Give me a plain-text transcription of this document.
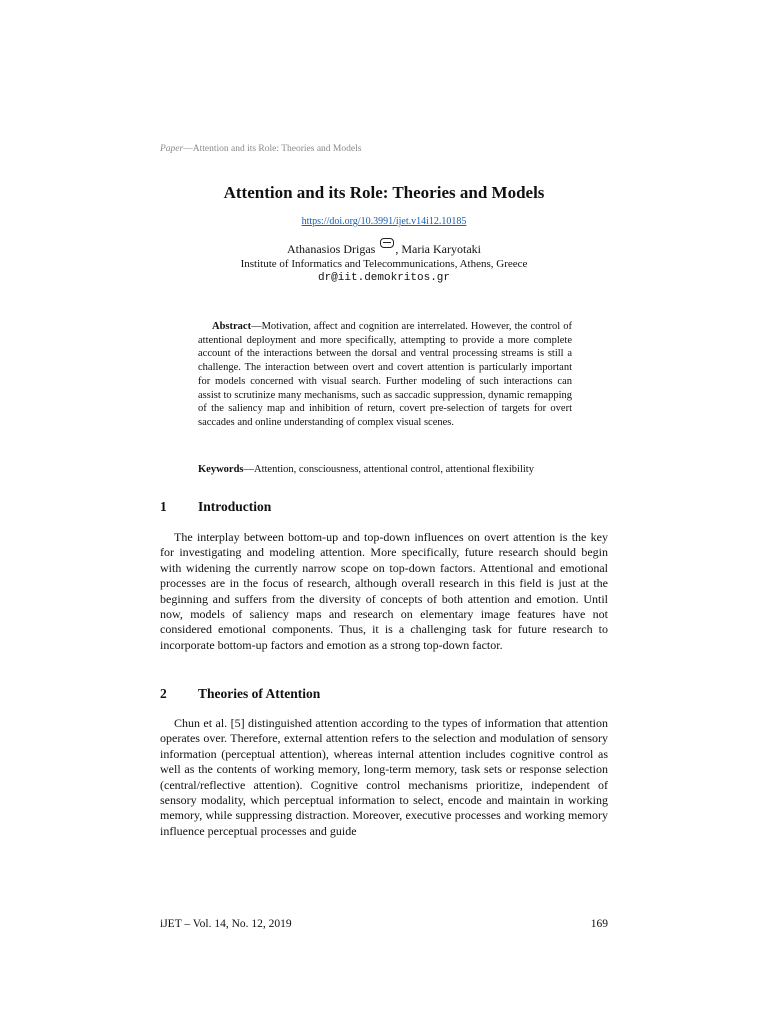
Paper—Attention and its Role: Theories and Models
Attention and its Role: Theories and Models
https://doi.org/10.3991/ijet.v14i12.10185
Athanasios Drigas , Maria Karyotaki
Institute of Informatics and Telecommunications, Athens, Greece
dr@iit.demokritos.gr

Abstract—Motivation, affect and cognition are interrelated. However, the control of attentional deployment and more specifically, attempting to provide a more complete account of the interactions between the dorsal and ventral processing streams is still a challenge. The interaction between overt and covert attention is particularly important for models concerned with visual search. Further modeling of such interactions can assist to scrutinize many mechanisms, such as saccadic suppression, dynamic remapping of the saliency map and inhibition of return, covert pre-selection of targets for overt saccades and online understanding of complex visual scenes.

Keywords—Attention, consciousness, attentional control, attentional flexibility

1 Introduction

The interplay between bottom-up and top-down influences on overt attention is the key for investigating and modeling attention. More specifically, future research should begin with widening the currently narrow scope on top-down factors. Attentional and emotional processes are in the focus of research, although overall research in this field is just at the beginning and suffers from the diversity of concepts of both attention and emotion. Until now, models of saliency maps and research on elementary image features have not considered emotional components. Thus, it is a challenging task for future research to incorporate bottom-up factors and emotion as a strong top-down factor.

2 Theories of Attention

Chun et al. [5] distinguished attention according to the types of information that attention operates over. Therefore, external attention refers to the selection and modulation of sensory information (perceptual attention), whereas internal attention includes cognitive control as well as the contents of working memory, long-term memory, task sets or response selection (central/reflective attention). Cognitive control mechanisms prioritize, independent of sensory modality, which perceptual information to select, encode and maintain in working memory, while suppressing distraction. Moreover, executive processes and working memory influence perceptual processes and guide

iJET – Vol. 14, No. 12, 2019	169
